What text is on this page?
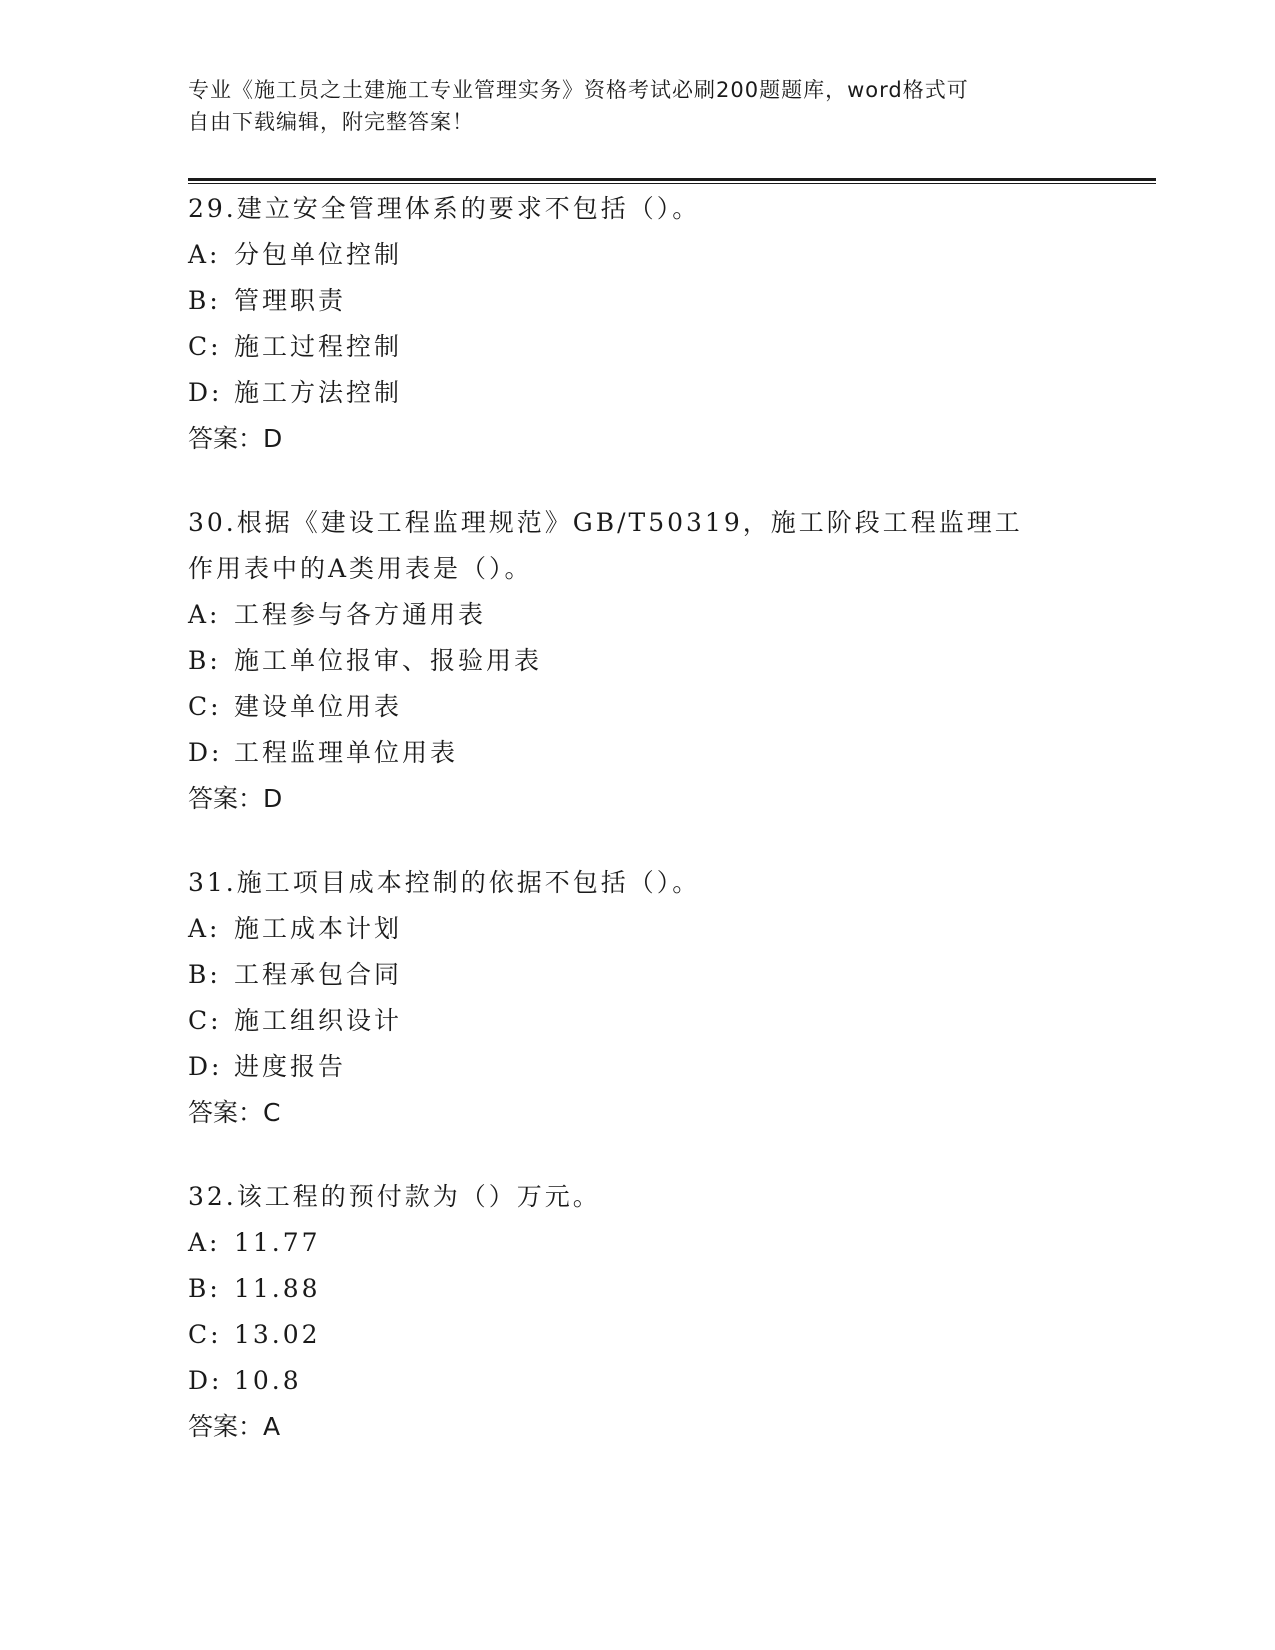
专业《施工员之土建施工专业管理实务》资格考试必刷200题题库，word格式可
自由下载编辑，附完整答案！
29.建立安全管理体系的要求不包括（）。
A: 分包单位控制
B: 管理职责
C: 施工过程控制
D: 施工方法控制
答案：D
30.根据《建设工程监理规范》GB/T50319，施工阶段工程监理工作用表中的A类用表是（）。
A: 工程参与各方通用表
B: 施工单位报审、报验用表
C: 建设单位用表
D: 工程监理单位用表
答案：D
31.施工项目成本控制的依据不包括（）。
A: 施工成本计划
B: 工程承包合同
C: 施工组织设计
D: 进度报告
答案：C
32.该工程的预付款为（）万元。
A: 11.77
B: 11.88
C: 13.02
D: 10.8
答案：A
